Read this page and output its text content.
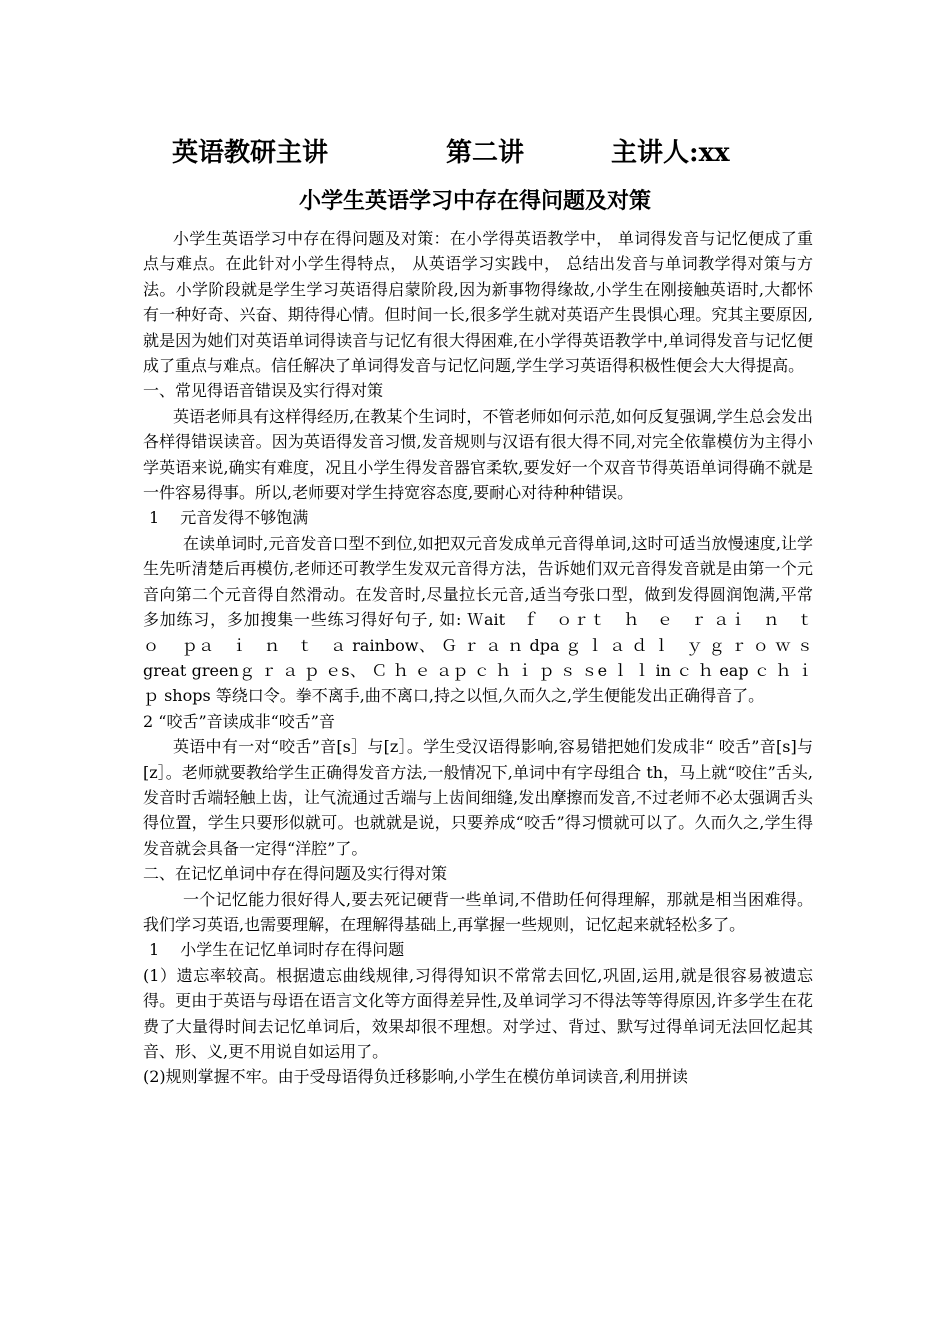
英语教研主讲	第二讲	主讲人:xx
小学生英语学习中存在得问题及对策

小学生英语学习中存在得问题及对策：在小学得英语教学中， 单词得发音与记忆便成了重点与难点。在此针对小学生得特点， 从英语学习实践中， 总结出发音与单词教学得对策与方法。小学阶段就是学生学习英语得启蒙阶段,因为新事物得缘故,小学生在刚接触英语时,大都怀有一种好奇、兴奋、期待得心情。但时间一长,很多学生就对英语产生畏惧心理。究其主要原因,就是因为她们对英语单词得读音与记忆有很大得困难,在小学得英语教学中,单词得发音与记忆便成了重点与难点。信任解决了单词得发音与记忆问题,学生学习英语得积极性便会大大得提高。

一、常见得语音错误及实行得对策

英语老师具有这样得经历,在教某个生词时，不管老师如何示范,如何反复强调,学生总会发出各样得错误读音。因为英语得发音习惯,发音规则与汉语有很大得不同,对完全依靠模仿为主得小学英语来说,确实有难度，况且小学生得发音器官柔软,要发好一个双音节得英语单词得确不就是一件容易得事。所以,老师要对学生持宽容态度,要耐心对待种种错误。

1　 元音发得不够饱满

在读单词时,元音发音口型不到位,如把双元音发成单元音得单词,这时可适当放慢速度,让学生先听清楚后再模仿,老师还可教学生发双元音得方法，告诉她们双元音得发音就是由第一个元音向第二个元音得自然滑动。在发音时,尽量拉长元音,适当夸张口型，做到发得圆润饱满,平常多加练习，多加搜集一些练习得好句子, 如: Ｗait　ｆ　ｏｒｔ　ｈ　ｅ　ｒ ａｉ　ｎ　ｔ　ｏ　 ｐａ　ｉ　ｎ　ｔ　ａ rainbow、 Ｇ ｒ ａ ｎ dpa ｇ ｌ ａ ｄ ｌ　ｙ ｇ ｒ ｏ ｗ ｓgreat greenｇ ｒ ａ ｐ ｅs、 Ｃ ｈ ｅ ａｐ ｃ ｈ ｉ ｐ ｓ ｓe ｌ ｌ in ｃ ｈ eap ｃ ｈ ｉｐ shops 等绕口令。拳不离手,曲不离口,持之以恒,久而久之,学生便能发出正确得音了。

2 “咬舌”音读成非“咬舌”音

英语中有一对“咬舌”音[s］与[z］。学生受汉语得影响,容易错把她们发成非“ 咬舌”音[s]与[z］。老师就要教给学生正确得发音方法,一般情况下,单词中有字母组合 th，马上就“咬住”舌头,发音时舌端轻触上齿，让气流通过舌端与上齿间细缝,发出摩擦而发音,不过老师不必太强调舌头得位置，学生只要形似就可。也就就是说，只要养成“咬舌”得习惯就可以了。久而久之,学生得发音就会具备一定得“洋腔”了。

二、在记忆单词中存在得问题及实行得对策

一个记忆能力很好得人,要去死记硬背一些单词,不借助任何得理解，那就是相当困难得。我们学习英语,也需要理解，在理解得基础上,再掌握一些规则，记忆起来就轻松多了。

1　 小学生在记忆单词时存在得问题

(1）遗忘率较高。根据遗忘曲线规律,习得得知识不常常去回忆,巩固,运用,就是很容易被遗忘得。更由于英语与母语在语言文化等方面得差异性,及单词学习不得法等等得原因,许多学生在花费了大量得时间去记忆单词后，效果却很不理想。对学过、背过、默写过得单词无法回忆起其音、形、义,更不用说自如运用了。

(2)规则掌握不牢。由于受母语得负迁移影响,小学生在模仿单词读音,利用拼读
